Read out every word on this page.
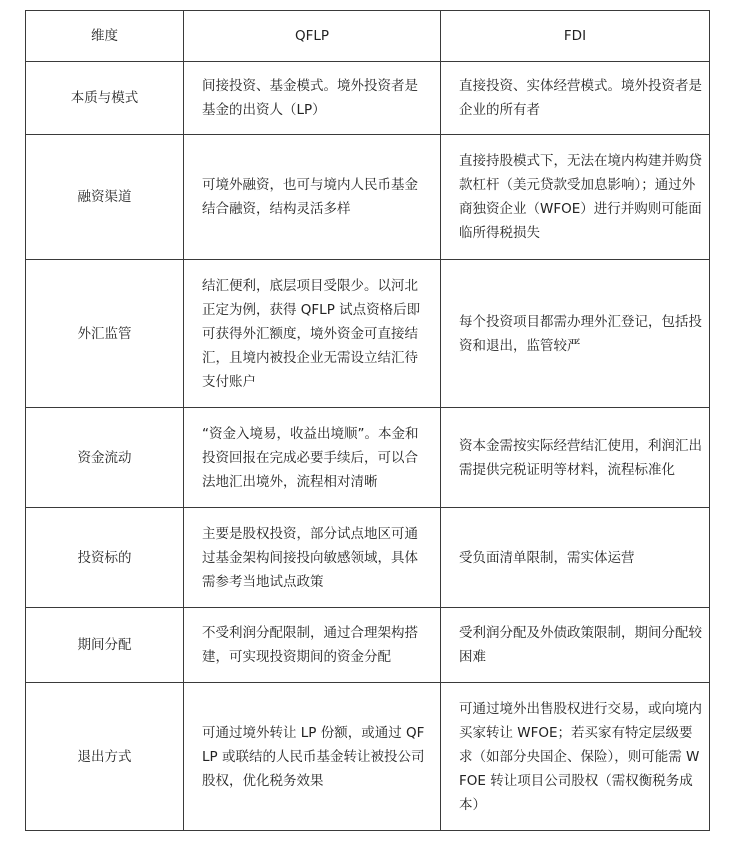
维度	QFLP	FDI
本质与模式	间接投资、基金模式。境外投资者是基金的出资人（LP）	直接投资、实体经营模式。境外投资者是企业的所有者
融资渠道	可境外融资，也可与境内人民币基金结合融资，结构灵活多样	直接持股模式下，无法在境内构建并购贷款杠杆（美元贷款受加息影响）；通过外商独资企业（WFOE）进行并购则可能面临所得税损失
外汇监管	结汇便利，底层项目受限少。以河北正定为例，获得 QFLP 试点资格后即可获得外汇额度，境外资金可直接结汇，且境内被投企业无需设立结汇待支付账户	每个投资项目都需办理外汇登记，包括投资和退出，监管较严
资金流动	“资金入境易，收益出境顺”。本金和投资回报在完成必要手续后，可以合法地汇出境外，流程相对清晰	资本金需按实际经营结汇使用，利润汇出需提供完税证明等材料，流程标准化
投资标的	主要是股权投资，部分试点地区可通过基金架构间接投向敏感领域，具体需参考当地试点政策	受负面清单限制，需实体运营
期间分配	不受利润分配限制，通过合理架构搭建，可实现投资期间的资金分配	受利润分配及外债政策限制，期间分配较困难
退出方式	可通过境外转让 LP 份额，或通过 QFLP 或联结的人民币基金转让被投公司股权，优化税务效果	可通过境外出售股权进行交易，或向境内买家转让 WFOE；若买家有特定层级要求（如部分央国企、保险），则可能需 WFOE 转让项目公司股权（需权衡税务成本）
